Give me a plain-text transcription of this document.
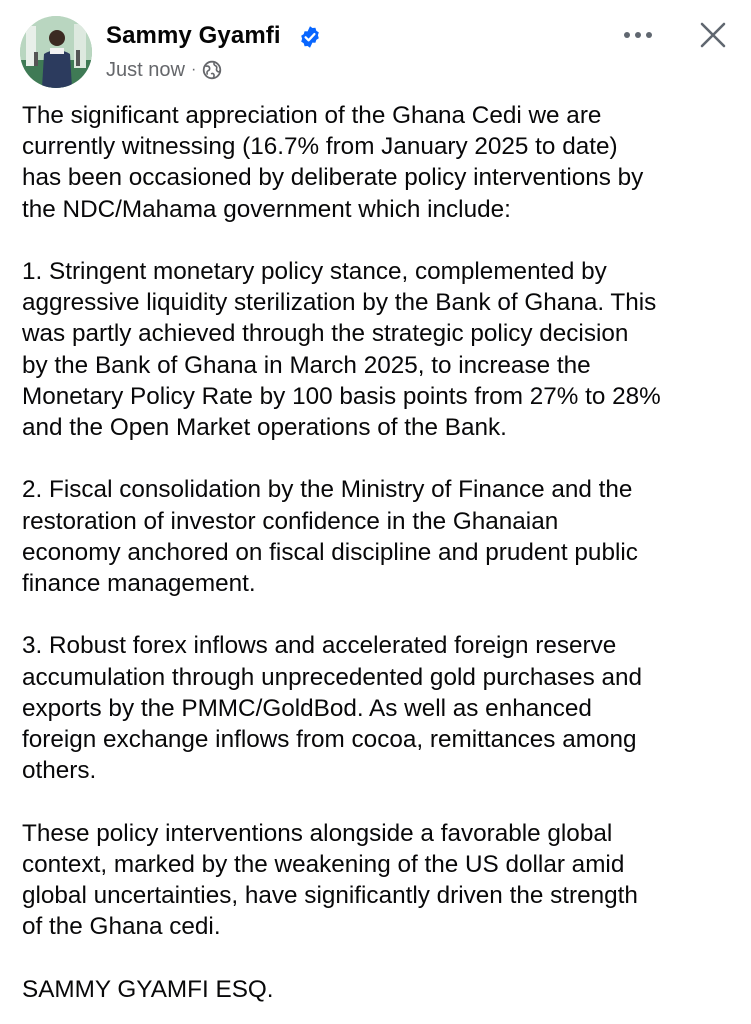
Sammy Gyamfi
Just now ·

The significant appreciation of the Ghana Cedi we are
currently witnessing (16.7% from January 2025 to date)
has been occasioned by deliberate policy interventions by
the NDC/Mahama government which include:

1. Stringent monetary policy stance, complemented by
aggressive liquidity sterilization by the Bank of Ghana. This
was partly achieved through the strategic policy decision
by the Bank of Ghana in March 2025, to increase the
Monetary Policy Rate by 100 basis points from 27% to 28%
and the Open Market operations of the Bank.

2. Fiscal consolidation by the Ministry of Finance and the
restoration of investor confidence in the Ghanaian
economy anchored on fiscal discipline and prudent public
finance management.

3. Robust forex inflows and accelerated foreign reserve
accumulation through unprecedented gold purchases and
exports by the PMMC/GoldBod. As well as enhanced
foreign exchange inflows from cocoa, remittances among
others.

These policy interventions alongside a favorable global
context, marked by the weakening of the US dollar amid
global uncertainties, have significantly driven the strength
of the Ghana cedi.

SAMMY GYAMFI ESQ.
